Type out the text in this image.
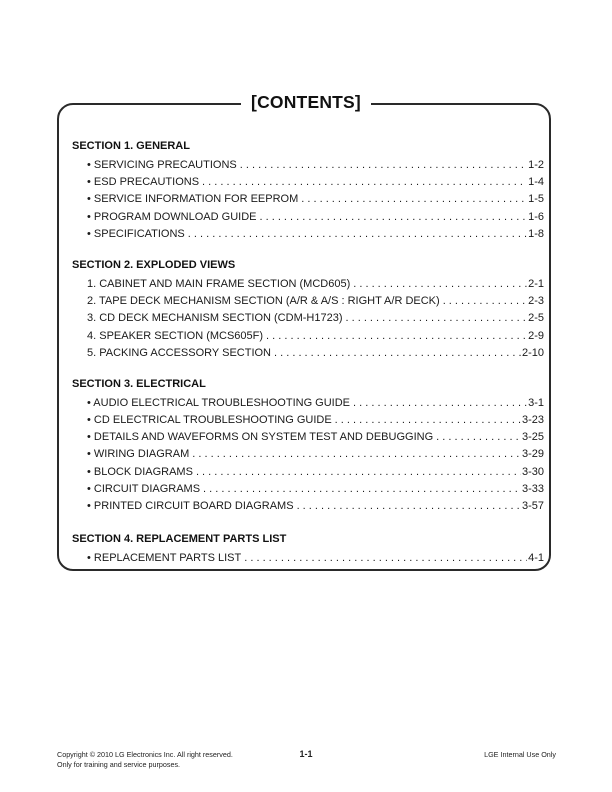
[CONTENTS]
SECTION 1. GENERAL
• SERVICING PRECAUTIONS . . .	1-2
• ESD PRECAUTIONS . . .	1-4
• SERVICE INFORMATION FOR EEPROM . . .	1-5
• PROGRAM DOWNLOAD GUIDE . . .	1-6
• SPECIFICATIONS . . .	1-8
SECTION 2. EXPLODED VIEWS
1. CABINET AND MAIN FRAME SECTION (MCD605) . . .	2-1
2. TAPE DECK MECHANISM SECTION (A/R & A/S : RIGHT A/R DECK) . . .	2-3
3. CD DECK MECHANISM SECTION (CDM-H1723) . . .	2-5
4. SPEAKER SECTION (MCS605F) . . .	2-9
5. PACKING ACCESSORY SECTION . . .	2-10
SECTION 3. ELECTRICAL
• AUDIO ELECTRICAL TROUBLESHOOTING GUIDE . . .	3-1
• CD ELECTRICAL TROUBLESHOOTING GUIDE . . .	3-23
• DETAILS AND WAVEFORMS ON SYSTEM TEST AND DEBUGGING . . .	3-25
• WIRING DIAGRAM . . .	3-29
• BLOCK DIAGRAMS . . .	3-30
• CIRCUIT DIAGRAMS . . .	3-33
• PRINTED CIRCUIT BOARD DIAGRAMS . . .	3-57
SECTION 4. REPLACEMENT PARTS LIST
• REPLACEMENT PARTS LIST . . .	4-1
Copyright © 2010 LG Electronics Inc. All right reserved.
Only for training and service purposes.
1-1	LGE Internal Use Only
